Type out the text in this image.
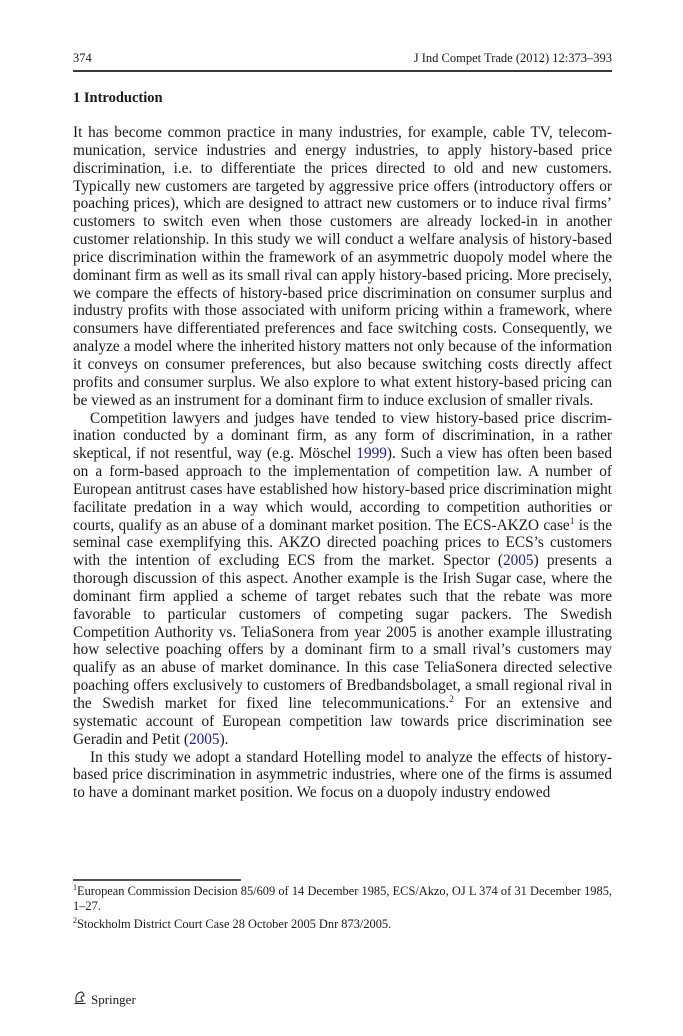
374	J Ind Compet Trade (2012) 12:373–393
1 Introduction

It has become common practice in many industries, for example, cable TV, telecommunication, service industries and energy industries, to apply history-based price discrimination, i.e. to differentiate the prices directed to old and new customers. Typically new customers are targeted by aggressive price offers (introductory offers or poaching prices), which are designed to attract new customers or to induce rival firms’ customers to switch even when those customers are already locked-in in another customer relationship. In this study we will conduct a welfare analysis of history-based price discrimination within the framework of an asymmetric duopoly model where the dominant firm as well as its small rival can apply history-based pricing. More precisely, we compare the effects of history-based price discrimination on consumer surplus and industry profits with those associated with uniform pricing within a framework, where consumers have differentiated preferences and face switching costs. Consequently, we analyze a model where the inherited history matters not only because of the information it conveys on consumer preferences, but also because switching costs directly affect profits and consumer surplus. We also explore to what extent history-based pricing can be viewed as an instrument for a dominant firm to induce exclusion of smaller rivals.

Competition lawyers and judges have tended to view history-based price discrimination conducted by a dominant firm, as any form of discrimination, in a rather skeptical, if not resentful, way (e.g. Möschel 1999). Such a view has often been based on a form-based approach to the implementation of competition law. A number of European antitrust cases have established how history-based price discrimination might facilitate predation in a way which would, according to competition authorities or courts, qualify as an abuse of a dominant market position. The ECS-AKZO case$^1$ is the seminal case exemplifying this. AKZO directed poaching prices to ECS’s customers with the intention of excluding ECS from the market. Spector (2005) presents a thorough discussion of this aspect. Another example is the Irish Sugar case, where the dominant firm applied a scheme of target rebates such that the rebate was more favorable to particular customers of competing sugar packers. The Swedish Competition Authority vs. TeliaSonera from year 2005 is another example illustrating how selective poaching offers by a dominant firm to a small rival’s customers may qualify as an abuse of market dominance. In this case TeliaSonera directed selective poaching offers exclusively to customers of Bredbandsbolaget, a small regional rival in the Swedish market for fixed line telecommunications.$^2$ For an extensive and systematic account of European competition law towards price discrimination see Geradin and Petit (2005).

In this study we adopt a standard Hotelling model to analyze the effects of history-based price discrimination in asymmetric industries, where one of the firms is assumed to have a dominant market position. We focus on a duopoly industry endowed

$^1$European Commission Decision 85/609 of 14 December 1985, ECS/Akzo, OJ L 374 of 31 December 1985, 1–27.
$^2$Stockholm District Court Case 28 October 2005 Dnr 873/2005.
Springer
